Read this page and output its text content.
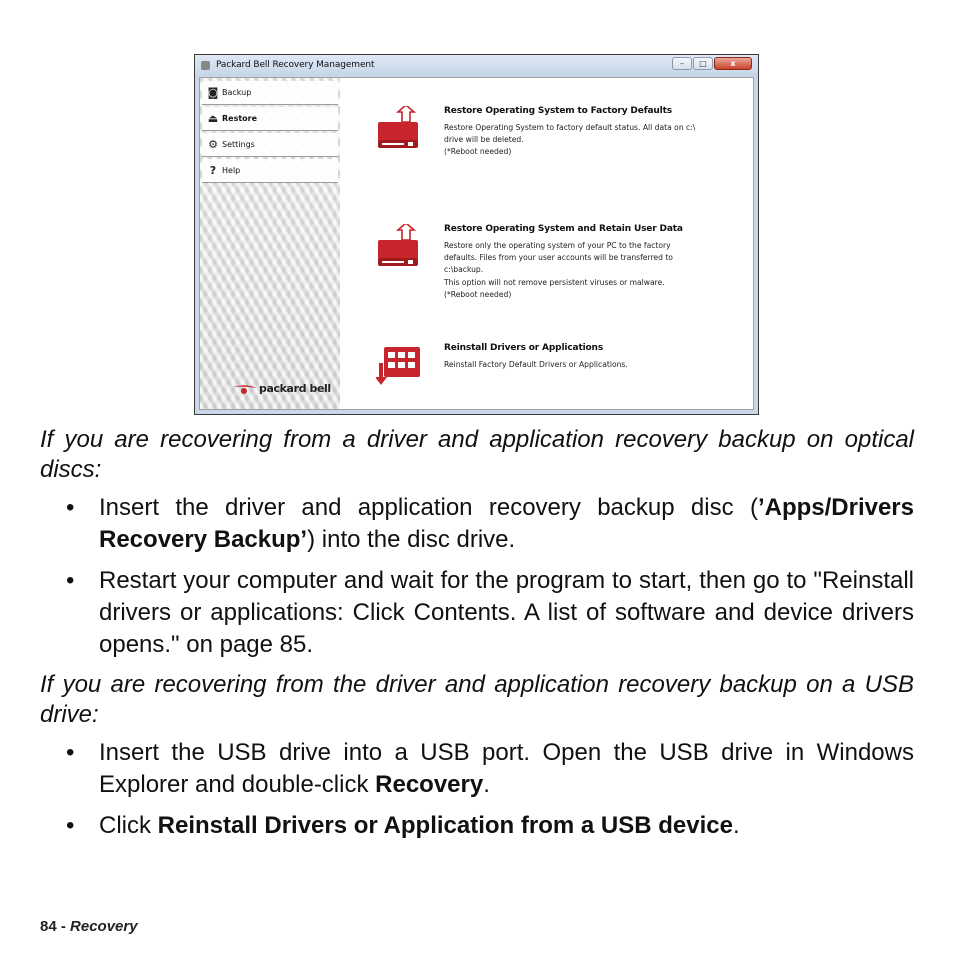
Packard Bell Recovery Management	–	□	x
◙ Backup
⏏ Restore
⚙ Settings
? Help
packard bell
Restore Operating System to Factory Defaults
Restore Operating System to factory default status. All data on c:\
drive will be deleted.
(*Reboot needed)
Restore Operating System and Retain User Data
Restore only the operating system of your PC to the factory
defaults. Files from your user accounts will be transferred to
c:\backup.
This option will not remove persistent viruses or malware.
(*Reboot needed)
Reinstall Drivers or Applications
Reinstall Factory Default Drivers or Applications.
If you are recovering from a driver and application recovery backup on optical discs:
• Insert the driver and application recovery backup disc (’Apps/Drivers Recovery Backup’) into the disc drive.
• Restart your computer and wait for the program to start, then go to "Reinstall drivers or applications: Click Contents. A list of software and device drivers opens." on page 85.
If you are recovering from the driver and application recovery backup on a USB drive:
• Insert the USB drive into a USB port. Open the USB drive in Windows Explorer and double-click Recovery.
• Click Reinstall Drivers or Application from a USB device.
84 - Recovery
